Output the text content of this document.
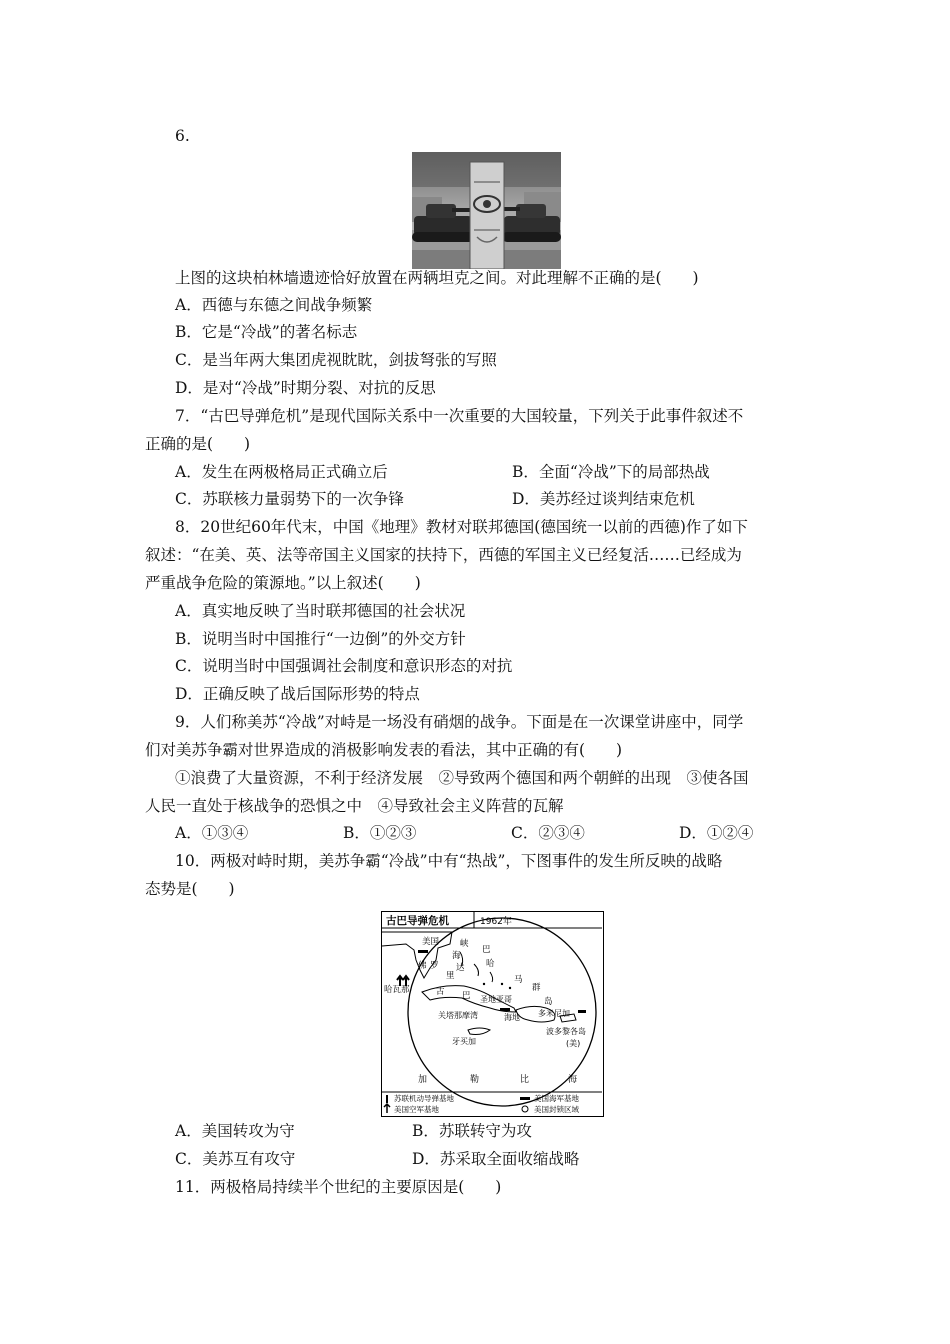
6.
上图的这块柏林墙遗迹恰好放置在两辆坦克之间。对此理解不正确的是(　　)
A．西德与东德之间战争频繁
B．它是“冷战”的著名标志
C．是当年两大集团虎视眈眈，剑拔弩张的写照
D．是对“冷战”时期分裂、对抗的反思
7．“古巴导弹危机”是现代国际关系中一次重要的大国较量，下列关于此事件叙述不
正确的是(　　)
A．发生在两极格局正式确立后	B．全面“冷战”下的局部热战
C．苏联核力量弱势下的一次争锋	D．美苏经过谈判结束危机
8．20世纪60年代末，中国《地理》教材对联邦德国(德国统一以前的西德)作了如下
叙述：“在美、英、法等帝国主义国家的扶持下，西德的军国主义已经复活……已经成为
严重战争危险的策源地。”以上叙述(　　)
A．真实地反映了当时联邦德国的社会状况
B．说明当时中国推行“一边倒”的外交方针
C．说明当时中国强调社会制度和意识形态的对抗
D．正确反映了战后国际形势的特点
9．人们称美苏“冷战”对峙是一场没有硝烟的战争。下面是在一次课堂讲座中，同学
们对美苏争霸对世界造成的消极影响发表的看法，其中正确的有(　　)
①浪费了大量资源，不利于经济发展　②导致两个德国和两个朝鲜的出现　③使各国
人民一直处于核战争的恐惧之中　④导致社会主义阵营的瓦解
A．①③④	B．①②③	C．②③④	D．①②④
10．两极对峙时期，美苏争霸“冷战”中有“热战”，下图事件的发生所反映的战略
态势是(　　)
古巴导弹危机	1962年
美国 峡
海
达
佛 罗
里
巴
哈
马
群
岛
哈瓦那	古 巴 圣地亚哥
关塔那摩湾	海地 多米尼加
波多黎各岛
(美)
牙买加
加	勒	比	海
苏联机动导弹基地
美国空军基地
美国海军基地
美国封锁区域
A．美国转攻为守	B．苏联转守为攻
C．美苏互有攻守	D．苏采取全面收缩战略
11．两极格局持续半个世纪的主要原因是(　　)
